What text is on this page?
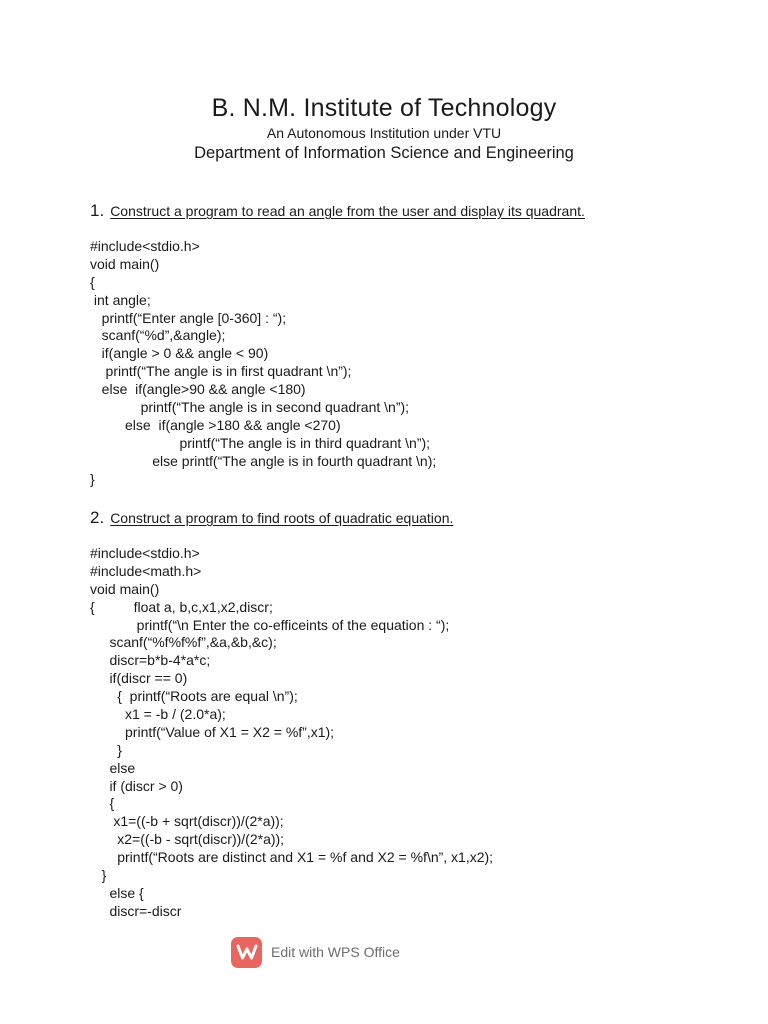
B. N.M. Institute of Technology
An Autonomous Institution under VTU
Department of Information Science and Engineering
1. Construct a program to read an angle from the user and display its quadrant.
#include<stdio.h>
void main()
{
int angle;
printf(“Enter angle [0-360] : “);
scanf(“%d”,&angle);
if(angle > 0 && angle < 90)
printf(“The angle is in first quadrant \n”);
else  if(angle>90 && angle <180)
printf(“The angle is in second quadrant \n”);
else  if(angle >180 && angle <270)
printf(“The angle is in third quadrant \n”);
else printf(“The angle is in fourth quadrant \n);
}
2. Construct a program to find roots of quadratic equation.
#include<stdio.h>
#include<math.h>
void main()
{          float a, b,c,x1,x2,discr;
printf(“\n Enter the co-efficeints of the equation : “);
scanf(“%f%f%f”,&a,&b,&c);
discr=b*b-4*a*c;
if(discr == 0)
{  printf(“Roots are equal \n”);
x1 = -b / (2.0*a);
printf(“Value of X1 = X2 = %f”,x1);
}
else
if (discr > 0)
{
x1=((-b + sqrt(discr))/(2*a));
x2=((-b - sqrt(discr))/(2*a));
printf(“Roots are distinct and X1 = %f and X2 = %f\n”, x1,x2);
}
else {
discr=-discr
Edit with WPS Office
